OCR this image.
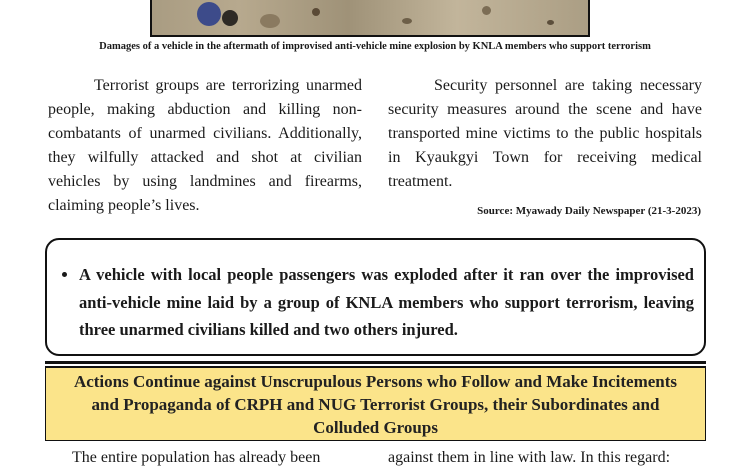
Damages of a vehicle in the aftermath of improvised anti-vehicle mine explosion by KNLA members who support terrorism

Terrorist groups are terrorizing unarmed people, making abduction and killing non-combatants of unarmed civilians. Additionally, they wilfully attacked and shot at civilian vehicles by using landmines and firearms, claiming people’s lives.

Security personnel are taking necessary security measures around the scene and have transported mine victims to the public hospitals in Kyaukgyi Town for receiving medical treatment.

Source: Myawady Daily Newspaper (21-3-2023)
• A vehicle with local people passengers was exploded after it ran over the improvised anti-vehicle mine laid by a group of KNLA members who support terrorism, leaving three unarmed civilians killed and two others injured.
Actions Continue against Unscrupulous Persons who Follow and Make Incitements and Propaganda of CRPH and NUG Terrorist Groups, their Subordinates and Colluded Groups
The entire population has already been	against them in line with law. In this regard:
